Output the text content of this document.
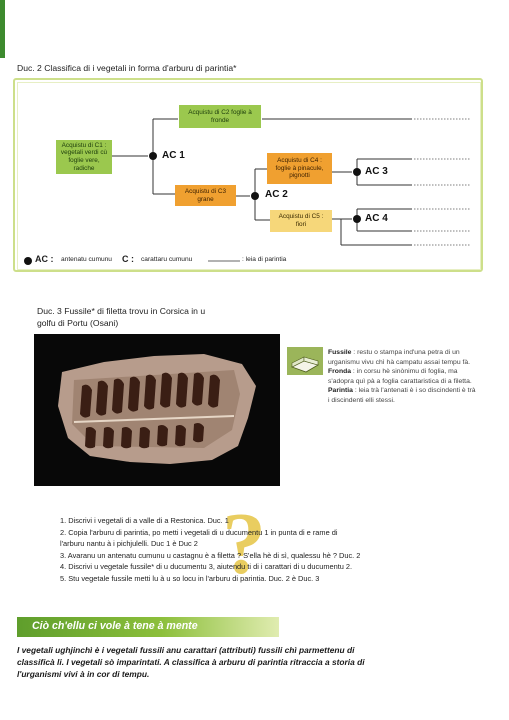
Duc. 2 Classifica di i vegetali in forma d'arburu di parintia*
Acquistu di C1 : vegetali verdi cù foglie vere, radiche
Acquistu di C2 foglie à fronde
Acquistu di C3 grane
Acquistu di C4 : foglie à pinacule, pignotti
Acquistu di C5 : fiori
AC 1
AC 2
AC 3
AC 4
AC : antenatu cumunu C : carattaru cumunu	: leia di parintia
Duc. 3 Fussile* di filetta trovu in Corsica in u
golfu di Portu (Osani)
Fussile : restu o stampa ind'una petra di un urganismu vivu chì hà campatu assai tempu fà.
Fronda : in corsu hè sinònimu di foglia, ma s'adopra quì pà a foglia carattaristica di a filetta.
Parintia : leia trà l'antenati è i so discindenti è trà i discindenti elli stessi.
?
1. Discrivi i vegetali di a valle di a Restonica. Duc. 1
2. Copia l'arburu di parintia, po metti i vegetali di u ducumentu 1 in punta di e rame di
l'arburu nantu à i pichjulelli. Duc 1 è Duc 2
3. Avaranu un antenatu cumunu u castagnu è a filetta ? S'ella hè di sì, qualessu hè ? Duc. 2
4. Discrivi u vegetale fussile* di u ducumentu 3, aiutendu ti di i carattari di u ducumentu 2.
5. Stu vegetale fussile metti lu à u so locu in l'arburu di parintia. Duc. 2 è Duc. 3
Ciò ch'ellu ci vole à tene à mente
I vegetali ughjinchì è i vegetali fussili anu carattari (attributi) fussili chì parmettenu di
classificà li. I vegetali sò imparintati. A classifica à arburu di parintia ritraccia a storia di
l'urganismi vivi à in cor di tempu.
